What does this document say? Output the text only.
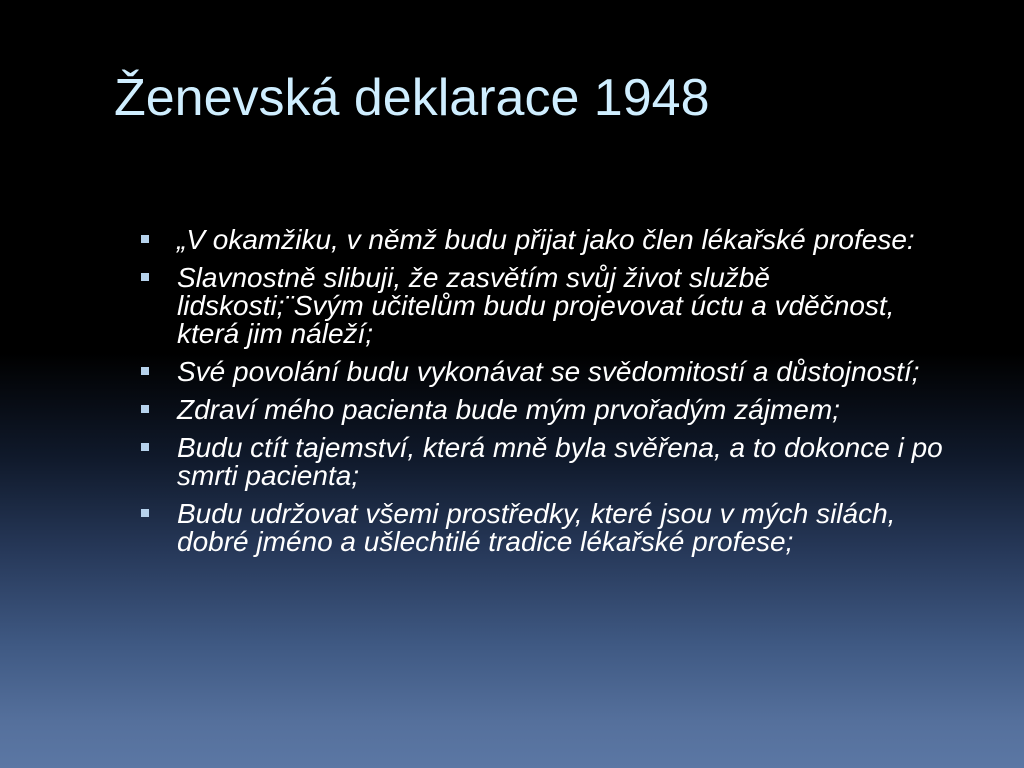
Ženevská deklarace 1948
„V okamžiku, v němž budu přijat jako člen lékařské profese:
Slavnostně slibuji, že zasvětím svůj život službě lidskosti;¨Svým učitelům budu projevovat úctu a vděčnost, která jim náleží;
Své povolání budu vykonávat se svědomitostí a důstojností;
Zdraví mého pacienta bude mým prvořadým zájmem;
Budu ctít tajemství, která mně byla svěřena, a to dokonce i po smrti pacienta;
Budu udržovat všemi prostředky, které jsou v mých silách, dobré jméno a ušlechtilé tradice lékařské profese;
